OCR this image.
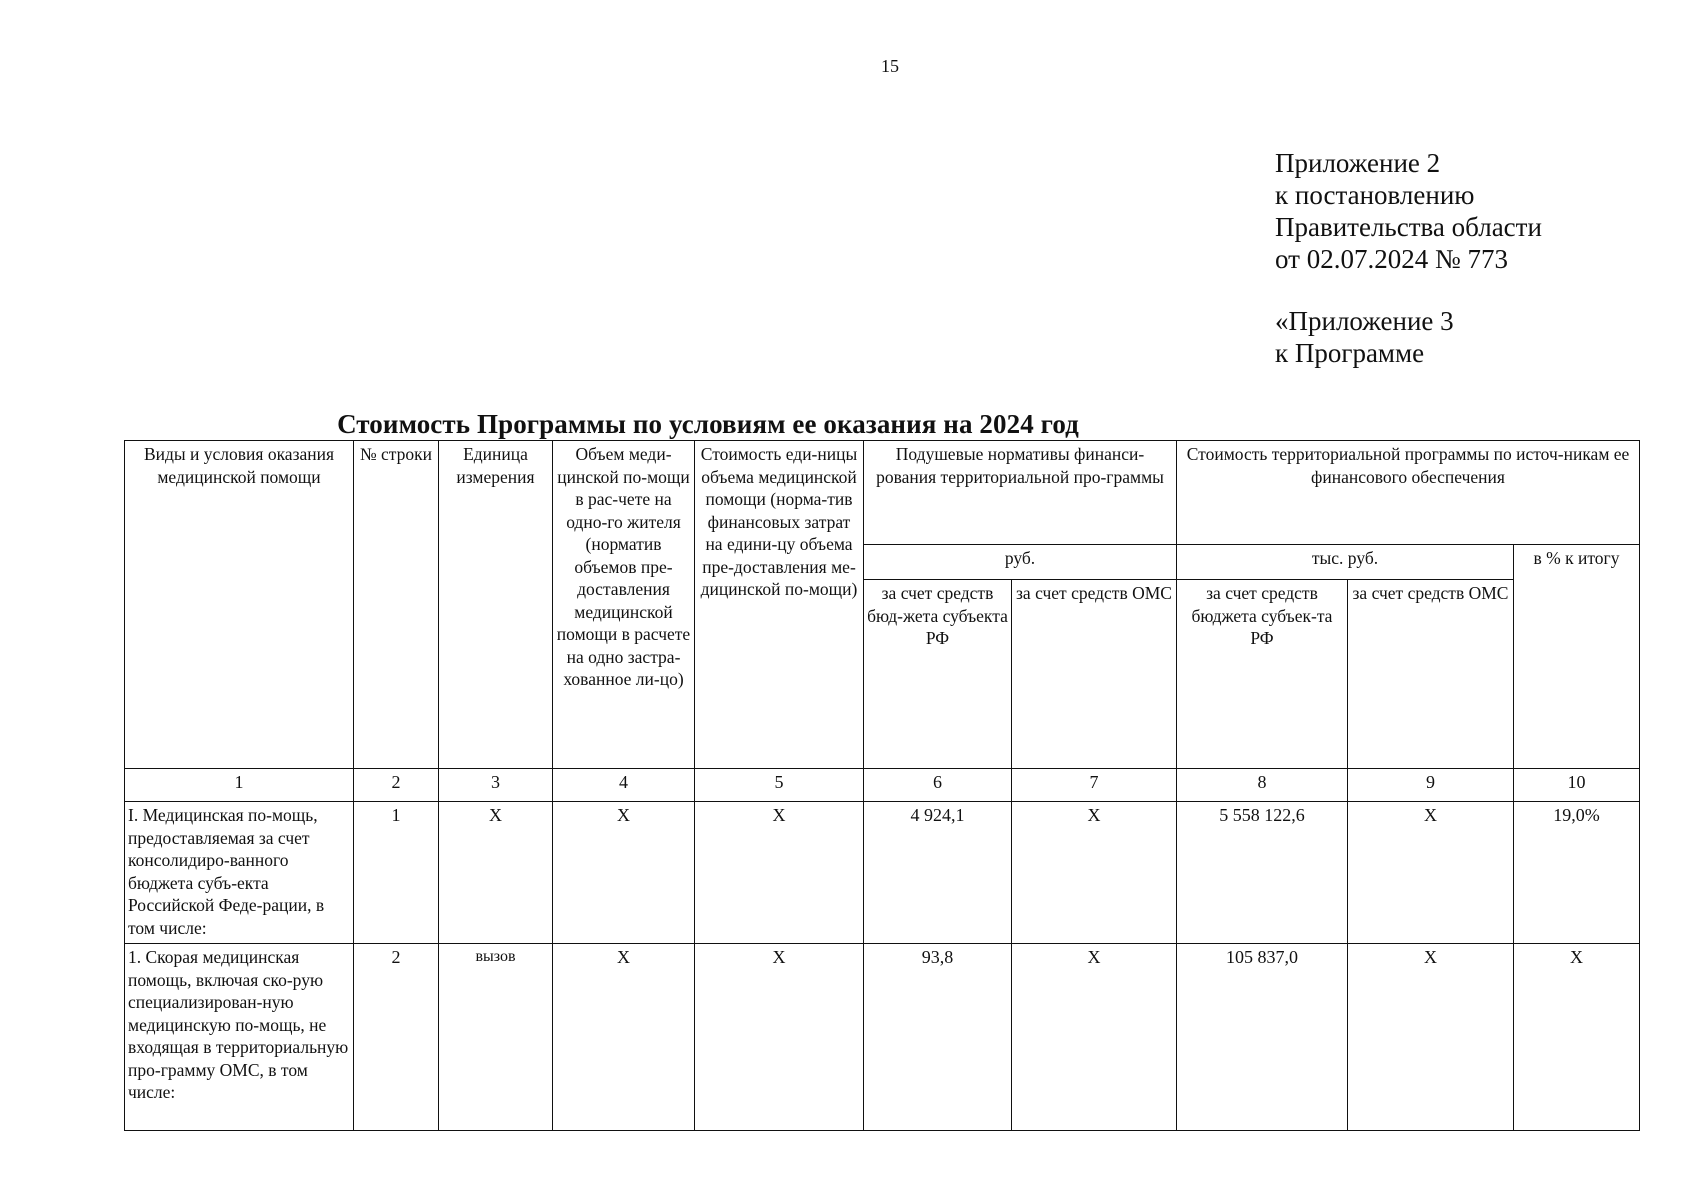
15
Приложение 2
к постановлению
Правительства области
от 02.07.2024 № 773
«Приложение 3
к Программе
Стоимость Программы по условиям ее оказания на 2024 год
Виды и условия оказания медицинской помощи	№ строки	Единица измерения	Объем меди-цинской по-мощи в рас-чете на одно-го жителя (норматив объемов пре-доставления медицинской помощи в расчете на одно застра-хованное ли-цо)	Стоимость еди-ницы объема медицинской помощи (норма-тив финансовых затрат на едини-цу объема пре-доставления ме-дицинской по-мощи)	Подушевые нормативы финанси-рования территориальной про-граммы		Стоимость территориальной программы по источ-никам ее финансового обеспечения		
					руб.		тыс. руб.		в % к итогу
					за счет средств бюд-жета субъекта РФ	за счет средств ОМС	за счет средств бюджета субъек-та РФ	за счет средств ОМС	
1	2	3	4	5	6	7	8	9	10
I. Медицинская по-мощь, предоставляемая за счет консолидиро-ванного бюджета субъ-екта Российской Феде-рации, в том числе:	1	Х	Х	Х	4 924,1	Х	5 558 122,6	Х	19,0%
1. Скорая медицинская помощь, включая ско-рую специализирован-ную медицинскую по-мощь, не входящая в территориальную про-грамму ОМС, в том числе:	2	вызов	Х	Х	93,8	Х	105 837,0	Х	Х
